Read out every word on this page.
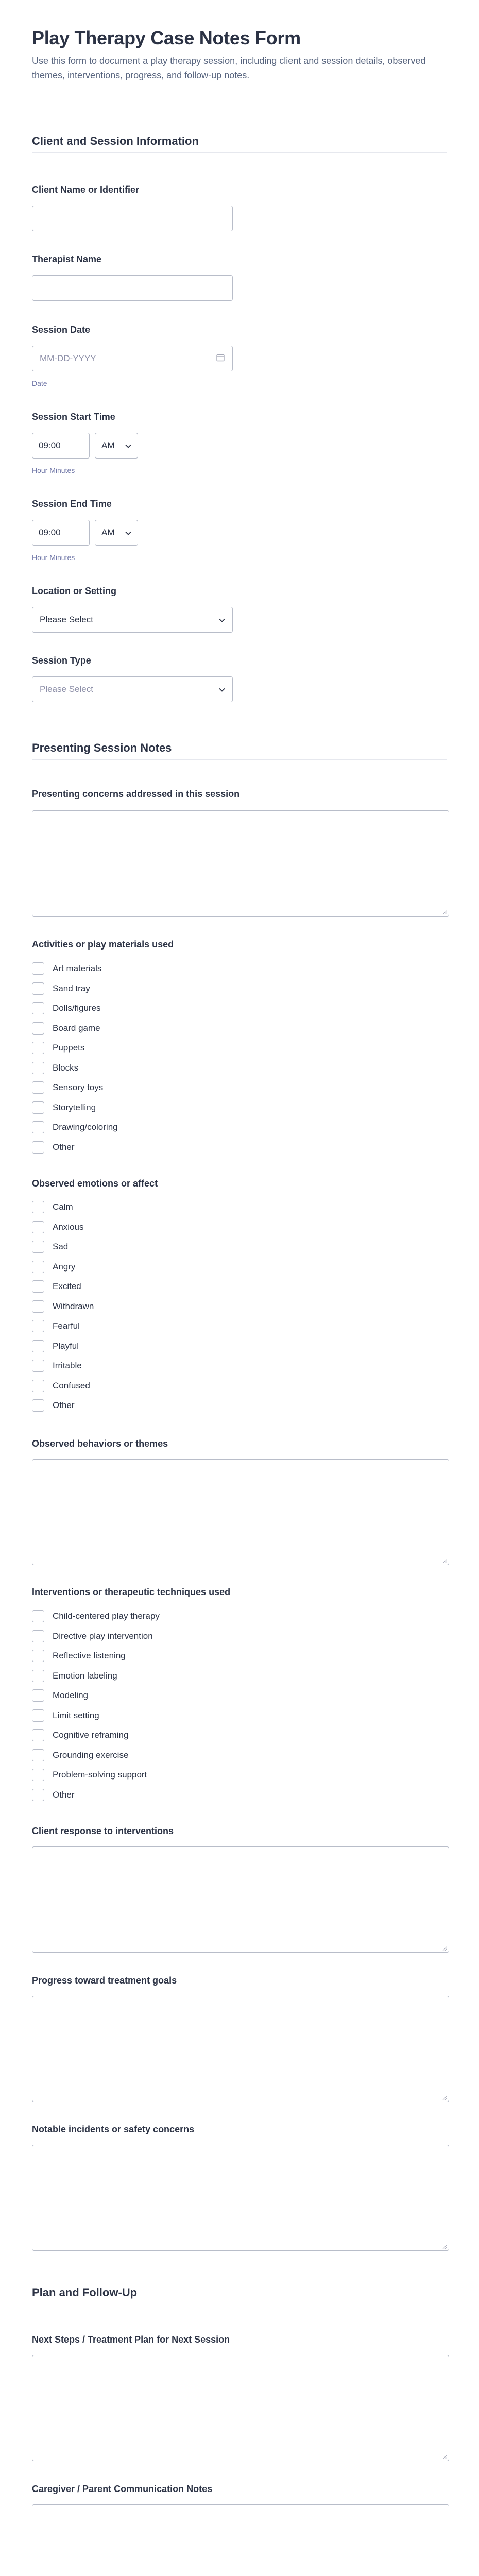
Play Therapy Case Notes Form
Use this form to document a play therapy session, including client and session details, observed themes, interventions, progress, and follow-up notes.
Client and Session Information
Client Name or Identifier
Therapist Name
Session Date
MM-DD-YYYY
Date
Session Start Time
09:00	AM
Hour Minutes
Session End Time
09:00	AM
Hour Minutes
Location or Setting
Please Select
Session Type
Please Select
Presenting Session Notes
Presenting concerns addressed in this session
Activities or play materials used
Art materials
Sand tray
Dolls/figures
Board game
Puppets
Blocks
Sensory toys
Storytelling
Drawing/coloring
Other
Observed emotions or affect
Calm
Anxious
Sad
Angry
Excited
Withdrawn
Fearful
Playful
Irritable
Confused
Other
Observed behaviors or themes
Interventions or therapeutic techniques used
Child-centered play therapy
Directive play intervention
Reflective listening
Emotion labeling
Modeling
Limit setting
Cognitive reframing
Grounding exercise
Problem-solving support
Other
Client response to interventions
Progress toward treatment goals
Notable incidents or safety concerns
Plan and Follow-Up
Next Steps / Treatment Plan for Next Session
Caregiver / Parent Communication Notes
